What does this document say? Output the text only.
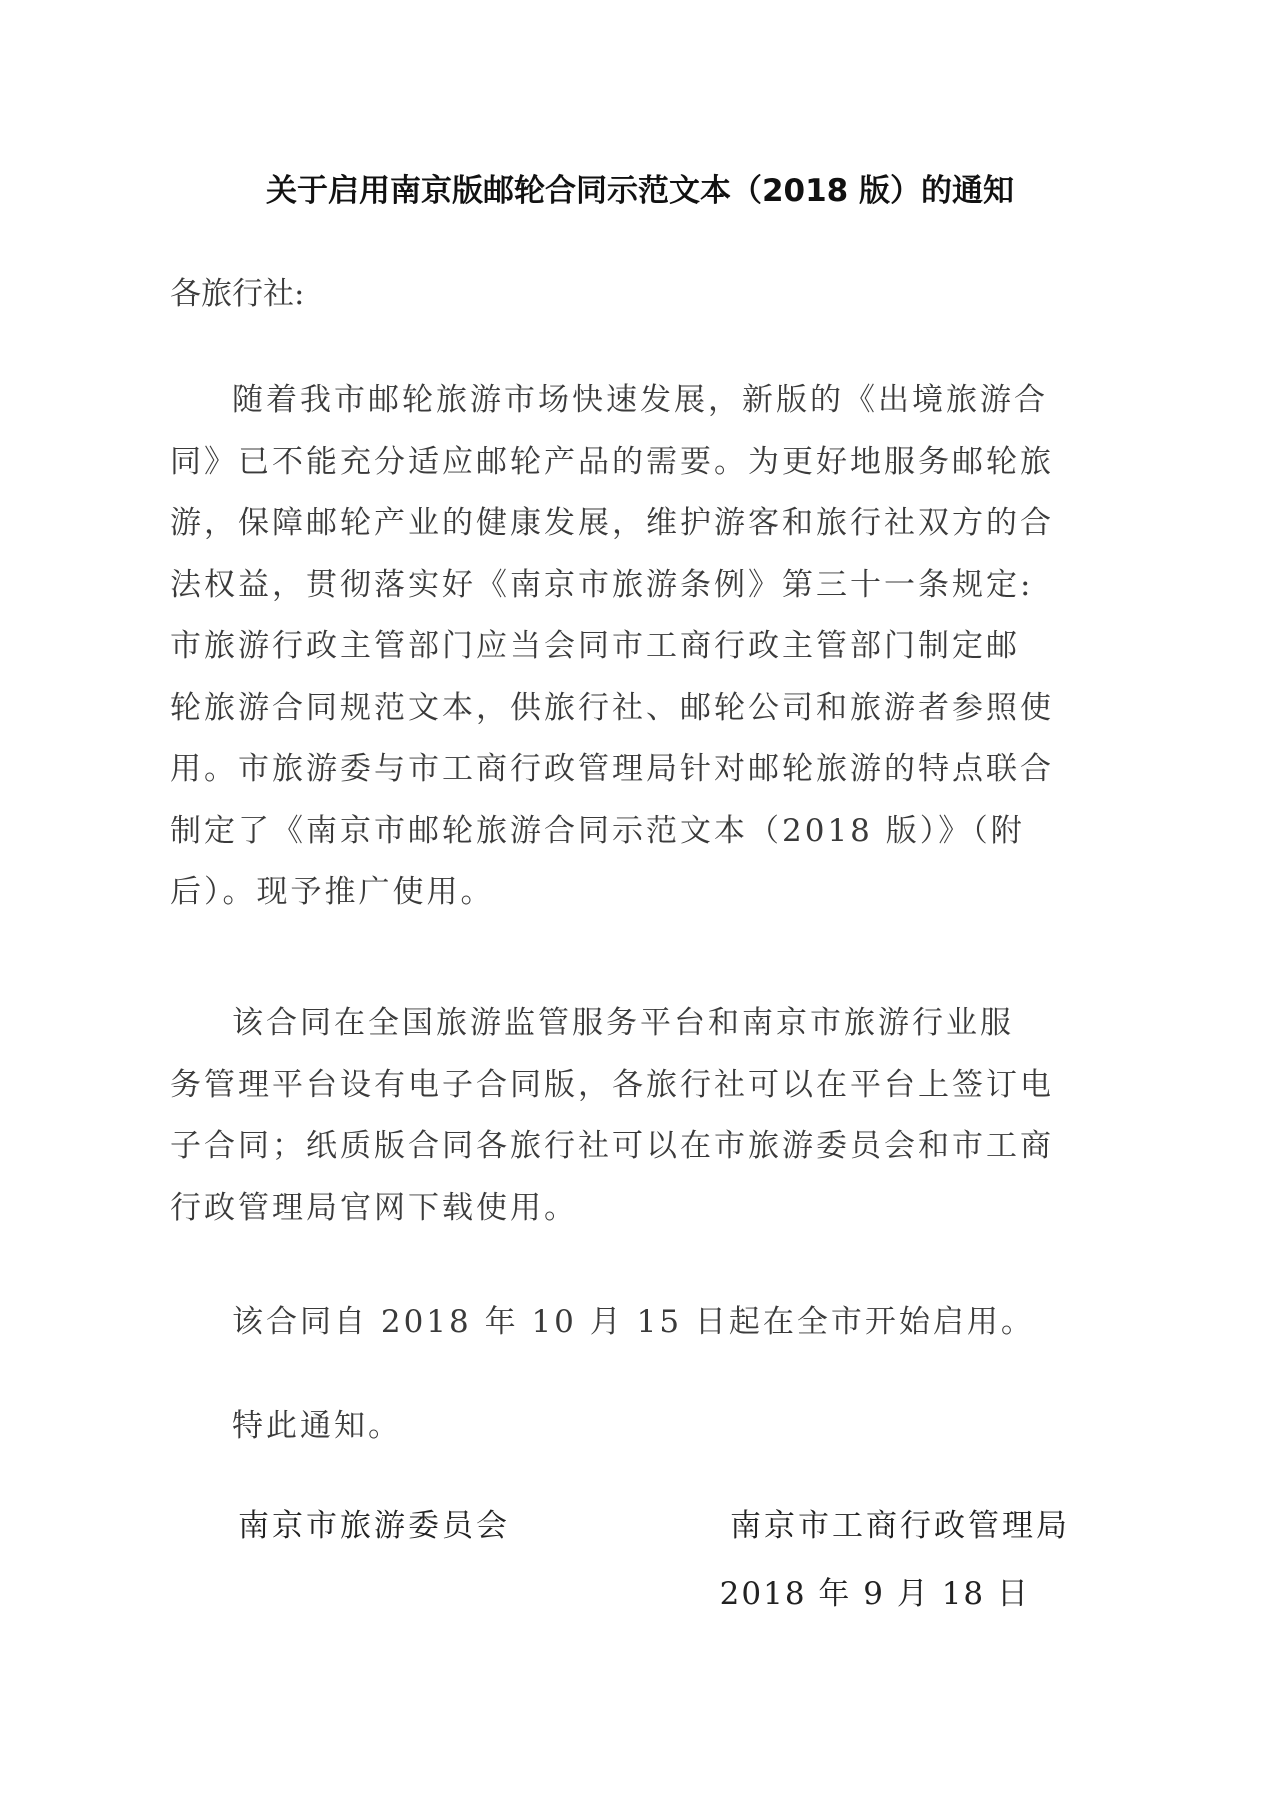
关于启用南京版邮轮合同示范文本（2018 版）的通知
各旅行社:
随着我市邮轮旅游市场快速发展，新版的《出境旅游合
同》已不能充分适应邮轮产品的需要。为更好地服务邮轮旅
游，保障邮轮产业的健康发展，维护游客和旅行社双方的合
法权益，贯彻落实好《南京市旅游条例》第三十一条规定:
市旅游行政主管部门应当会同市工商行政主管部门制定邮
轮旅游合同规范文本，供旅行社、邮轮公司和旅游者参照使
用。市旅游委与市工商行政管理局针对邮轮旅游的特点联合
制定了《南京市邮轮旅游合同示范文本（2018 版）》（附
后）。现予推广使用。
该合同在全国旅游监管服务平台和南京市旅游行业服
务管理平台设有电子合同版，各旅行社可以在平台上签订电
子合同；纸质版合同各旅行社可以在市旅游委员会和市工商
行政管理局官网下载使用。
该合同自 2018 年 10 月 15 日起在全市开始启用。
特此通知。
南京市旅游委员会	南京市工商行政管理局
2018 年 9 月 18 日
